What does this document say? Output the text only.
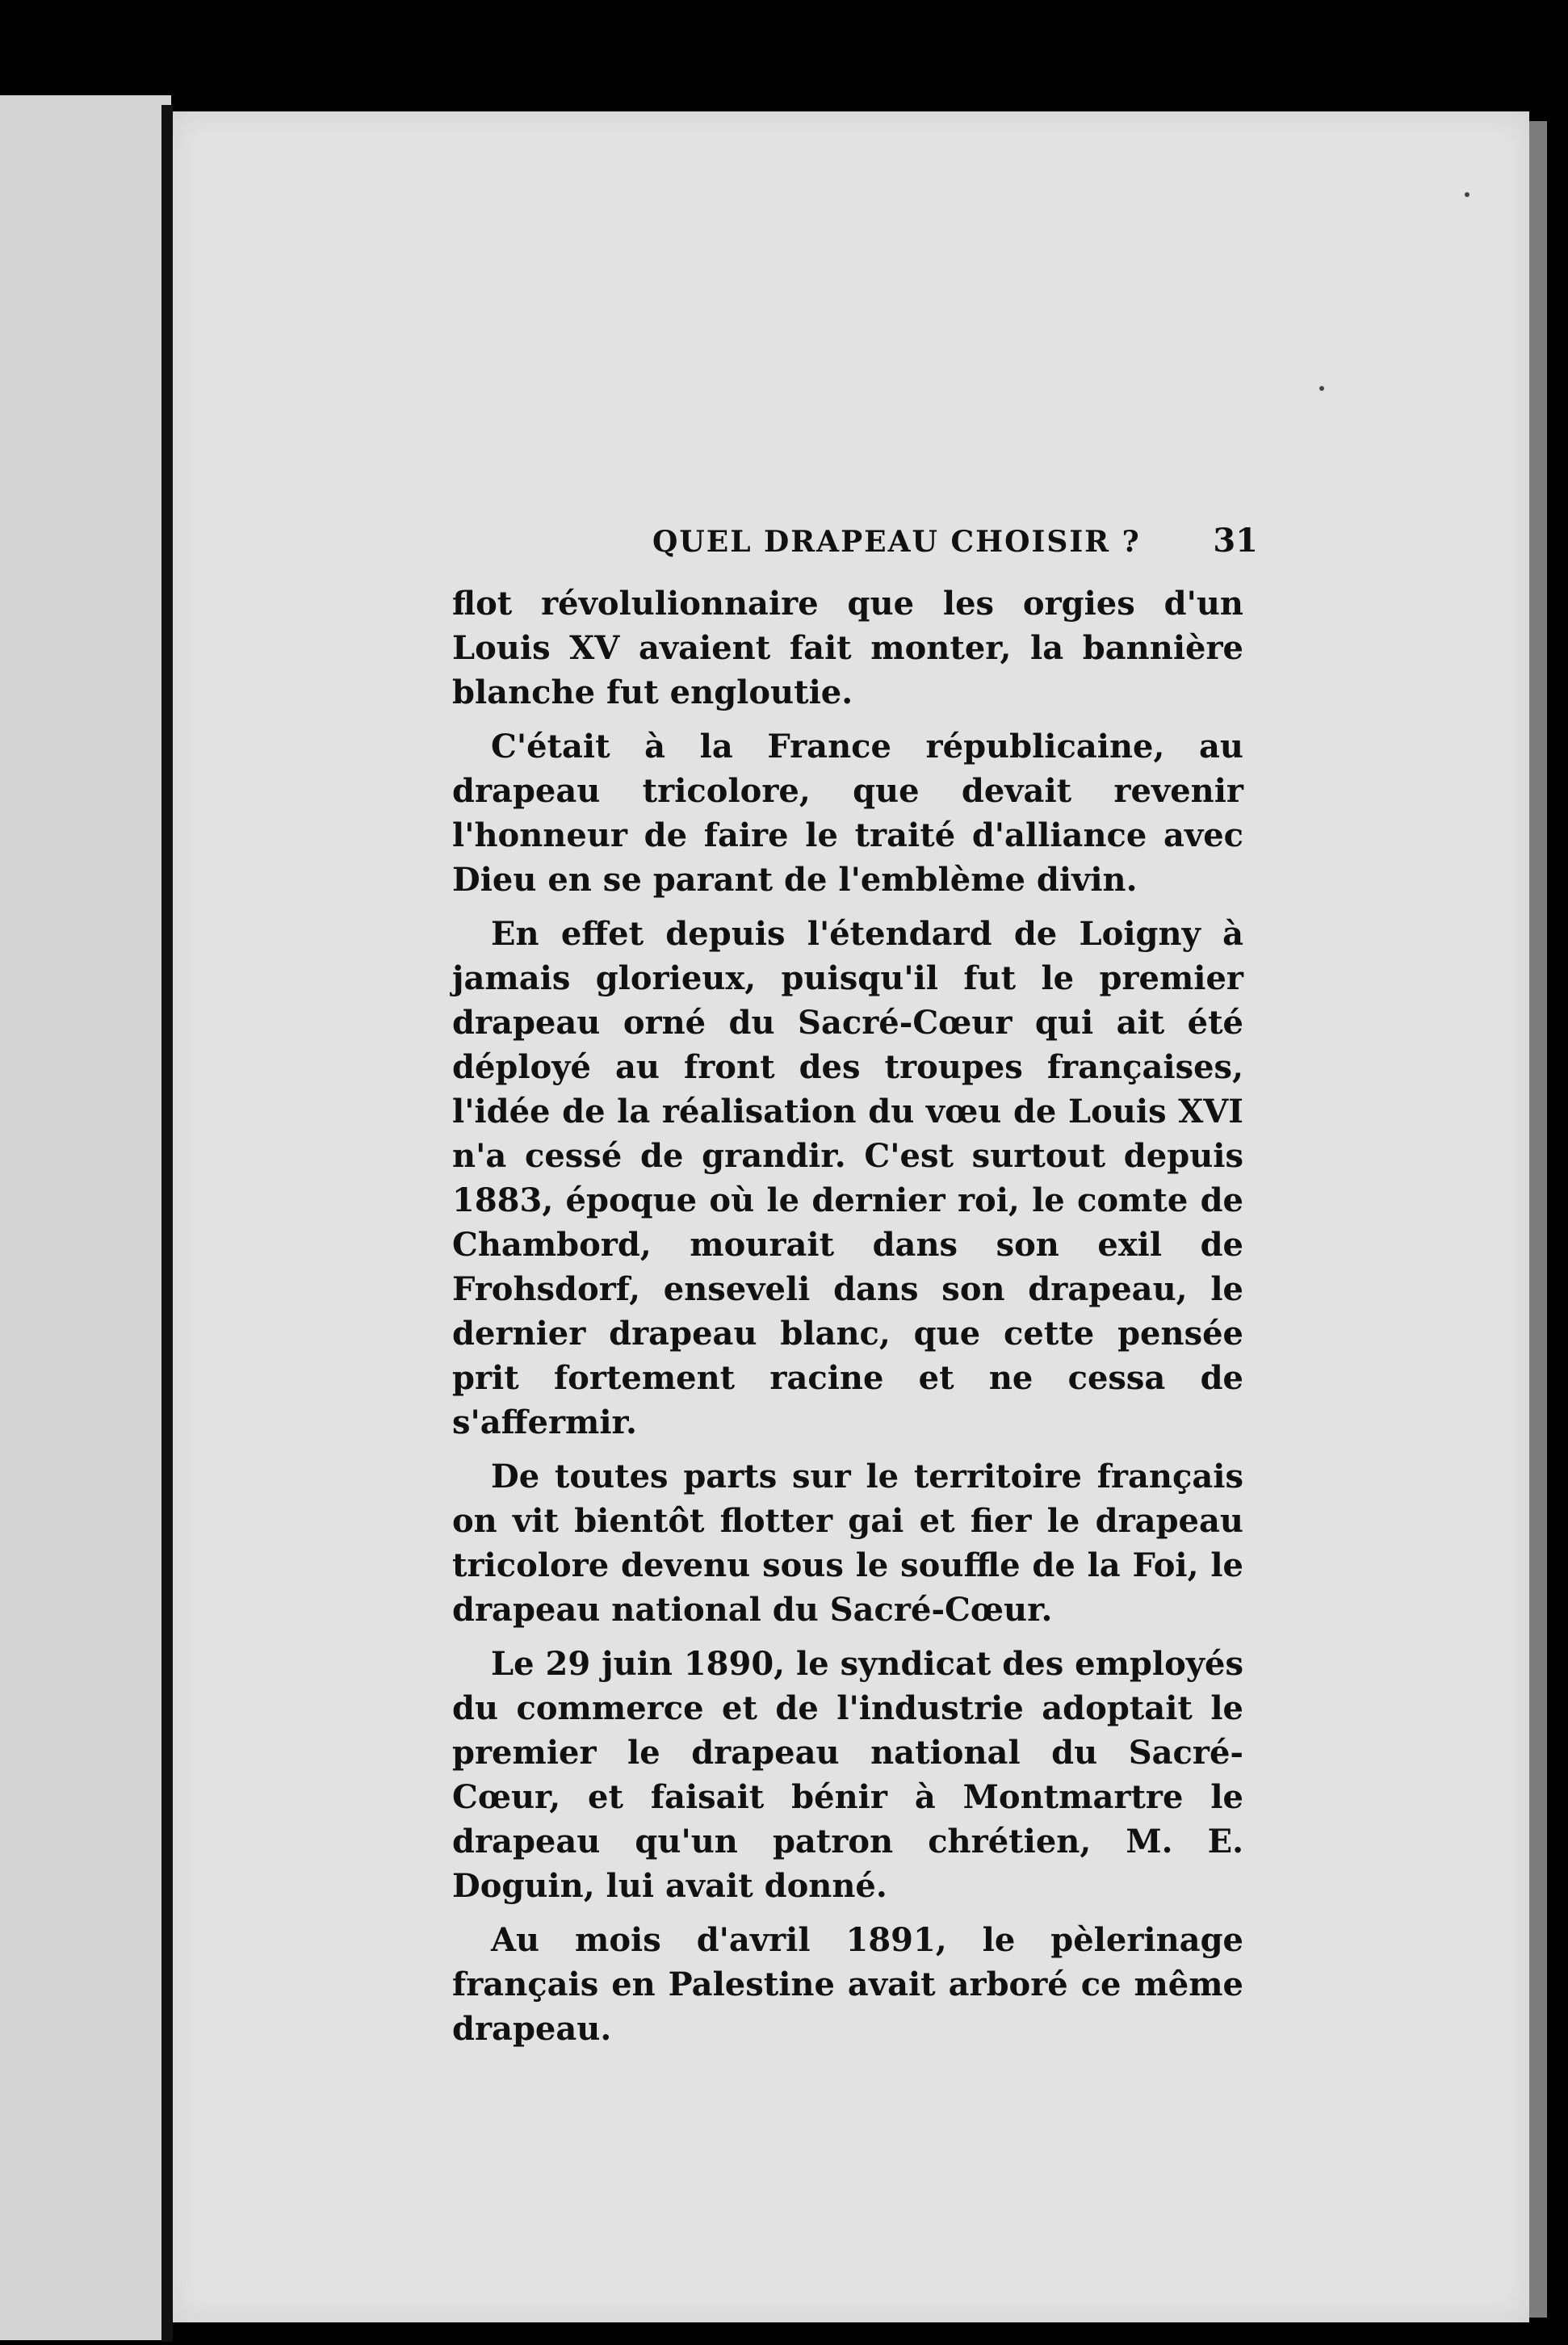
QUEL DRAPEAU CHOISIR ? 31

flot révolulionnaire que les orgies d'un Louis XV avaient fait monter, la bannière blanche fut engloutie.

C'était à la France républicaine, au drapeau tricolore, que devait revenir l'honneur de faire le traité d'alliance avec Dieu en se parant de l'emblème divin.

En effet depuis l'étendard de Loigny à jamais glorieux, puisqu'il fut le premier drapeau orné du Sacré-Cœur qui ait été déployé au front des troupes françaises, l'idée de la réalisation du vœu de Louis XVI n'a cessé de grandir. C'est surtout depuis 1883, époque où le dernier roi, le comte de Chambord, mourait dans son exil de Frohsdorf, enseveli dans son drapeau, le dernier drapeau blanc, que cette pensée prit fortement racine et ne cessa de s'affermir.

De toutes parts sur le territoire français on vit bientôt flotter gai et fier le drapeau tricolore devenu sous le souffle de la Foi, le drapeau national du Sacré-Cœur.

Le 29 juin 1890, le syndicat des employés du commerce et de l'industrie adoptait le premier le drapeau national du Sacré-Cœur, et faisait bénir à Montmartre le drapeau qu'un patron chrétien, M. E. Doguin, lui avait donné.

Au mois d'avril 1891, le pèlerinage français en Palestine avait arboré ce même drapeau.
